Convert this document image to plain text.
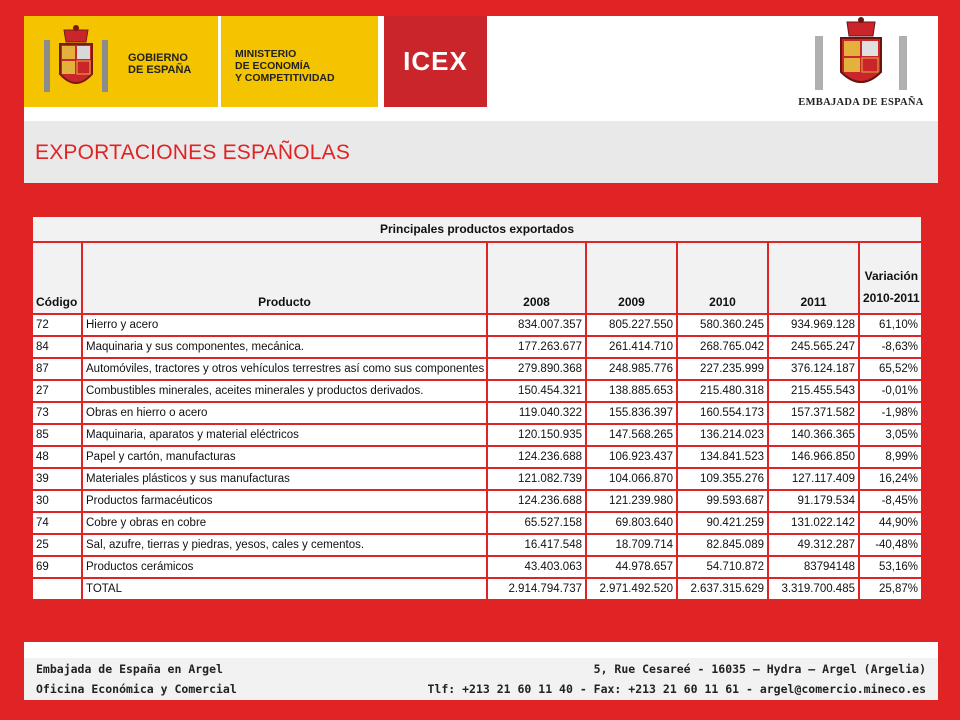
GOBIERNO
DE ESPAÑA
MINISTERIO
DE ECONOMÍA
Y COMPETITIVIDAD
ICEX
EMBAJADA DE ESPAÑA
EXPORTACIONES ESPAÑOLAS
Principales productos exportados						
Código	Producto	2008	2009	2010	2011	Variación
2010-2011

72	Hierro y acero	834.007.357	805.227.550	580.360.245	934.969.128	61,10%
84	Maquinaria y sus componentes, mecánica.	177.263.677	261.414.710	268.765.042	245.565.247	-8,63%
87	Automóviles, tractores y otros vehículos terrestres así como sus componentes	279.890.368	248.985.776	227.235.999	376.124.187	65,52%
27	Combustibles minerales, aceites minerales y productos derivados.	150.454.321	138.885.653	215.480.318	215.455.543	-0,01%
73	Obras en hierro o acero	119.040.322	155.836.397	160.554.173	157.371.582	-1,98%
85	Maquinaria, aparatos y material eléctricos	120.150.935	147.568.265	136.214.023	140.366.365	3,05%
48	Papel y cartón, manufacturas	124.236.688	106.923.437	134.841.523	146.966.850	8,99%
39	Materiales plásticos y sus manufacturas	121.082.739	104.066.870	109.355.276	127.117.409	16,24%
30	Productos farmacéuticos	124.236.688	121.239.980	99.593.687	91.179.534	-8,45%
74	Cobre y obras en cobre	65.527.158	69.803.640	90.421.259	131.022.142	44,90%
25	Sal, azufre, tierras y piedras, yesos, cales y cementos.	16.417.548	18.709.714	82.845.089	49.312.287	-40,48%
69	Productos cerámicos	43.403.063	44.978.657	54.710.872	83794148	53,16%
	TOTAL	2.914.794.737	2.971.492.520	2.637.315.629	3.319.700.485	25,87%
Embajada de España en Argel
Oficina Económica y Comercial
5, Rue Cesareé - 16035 – Hydra – Argel (Argelia)
Tlf: +213 21 60 11 40 - Fax: +213 21 60 11 61 - argel@comercio.mineco.es
